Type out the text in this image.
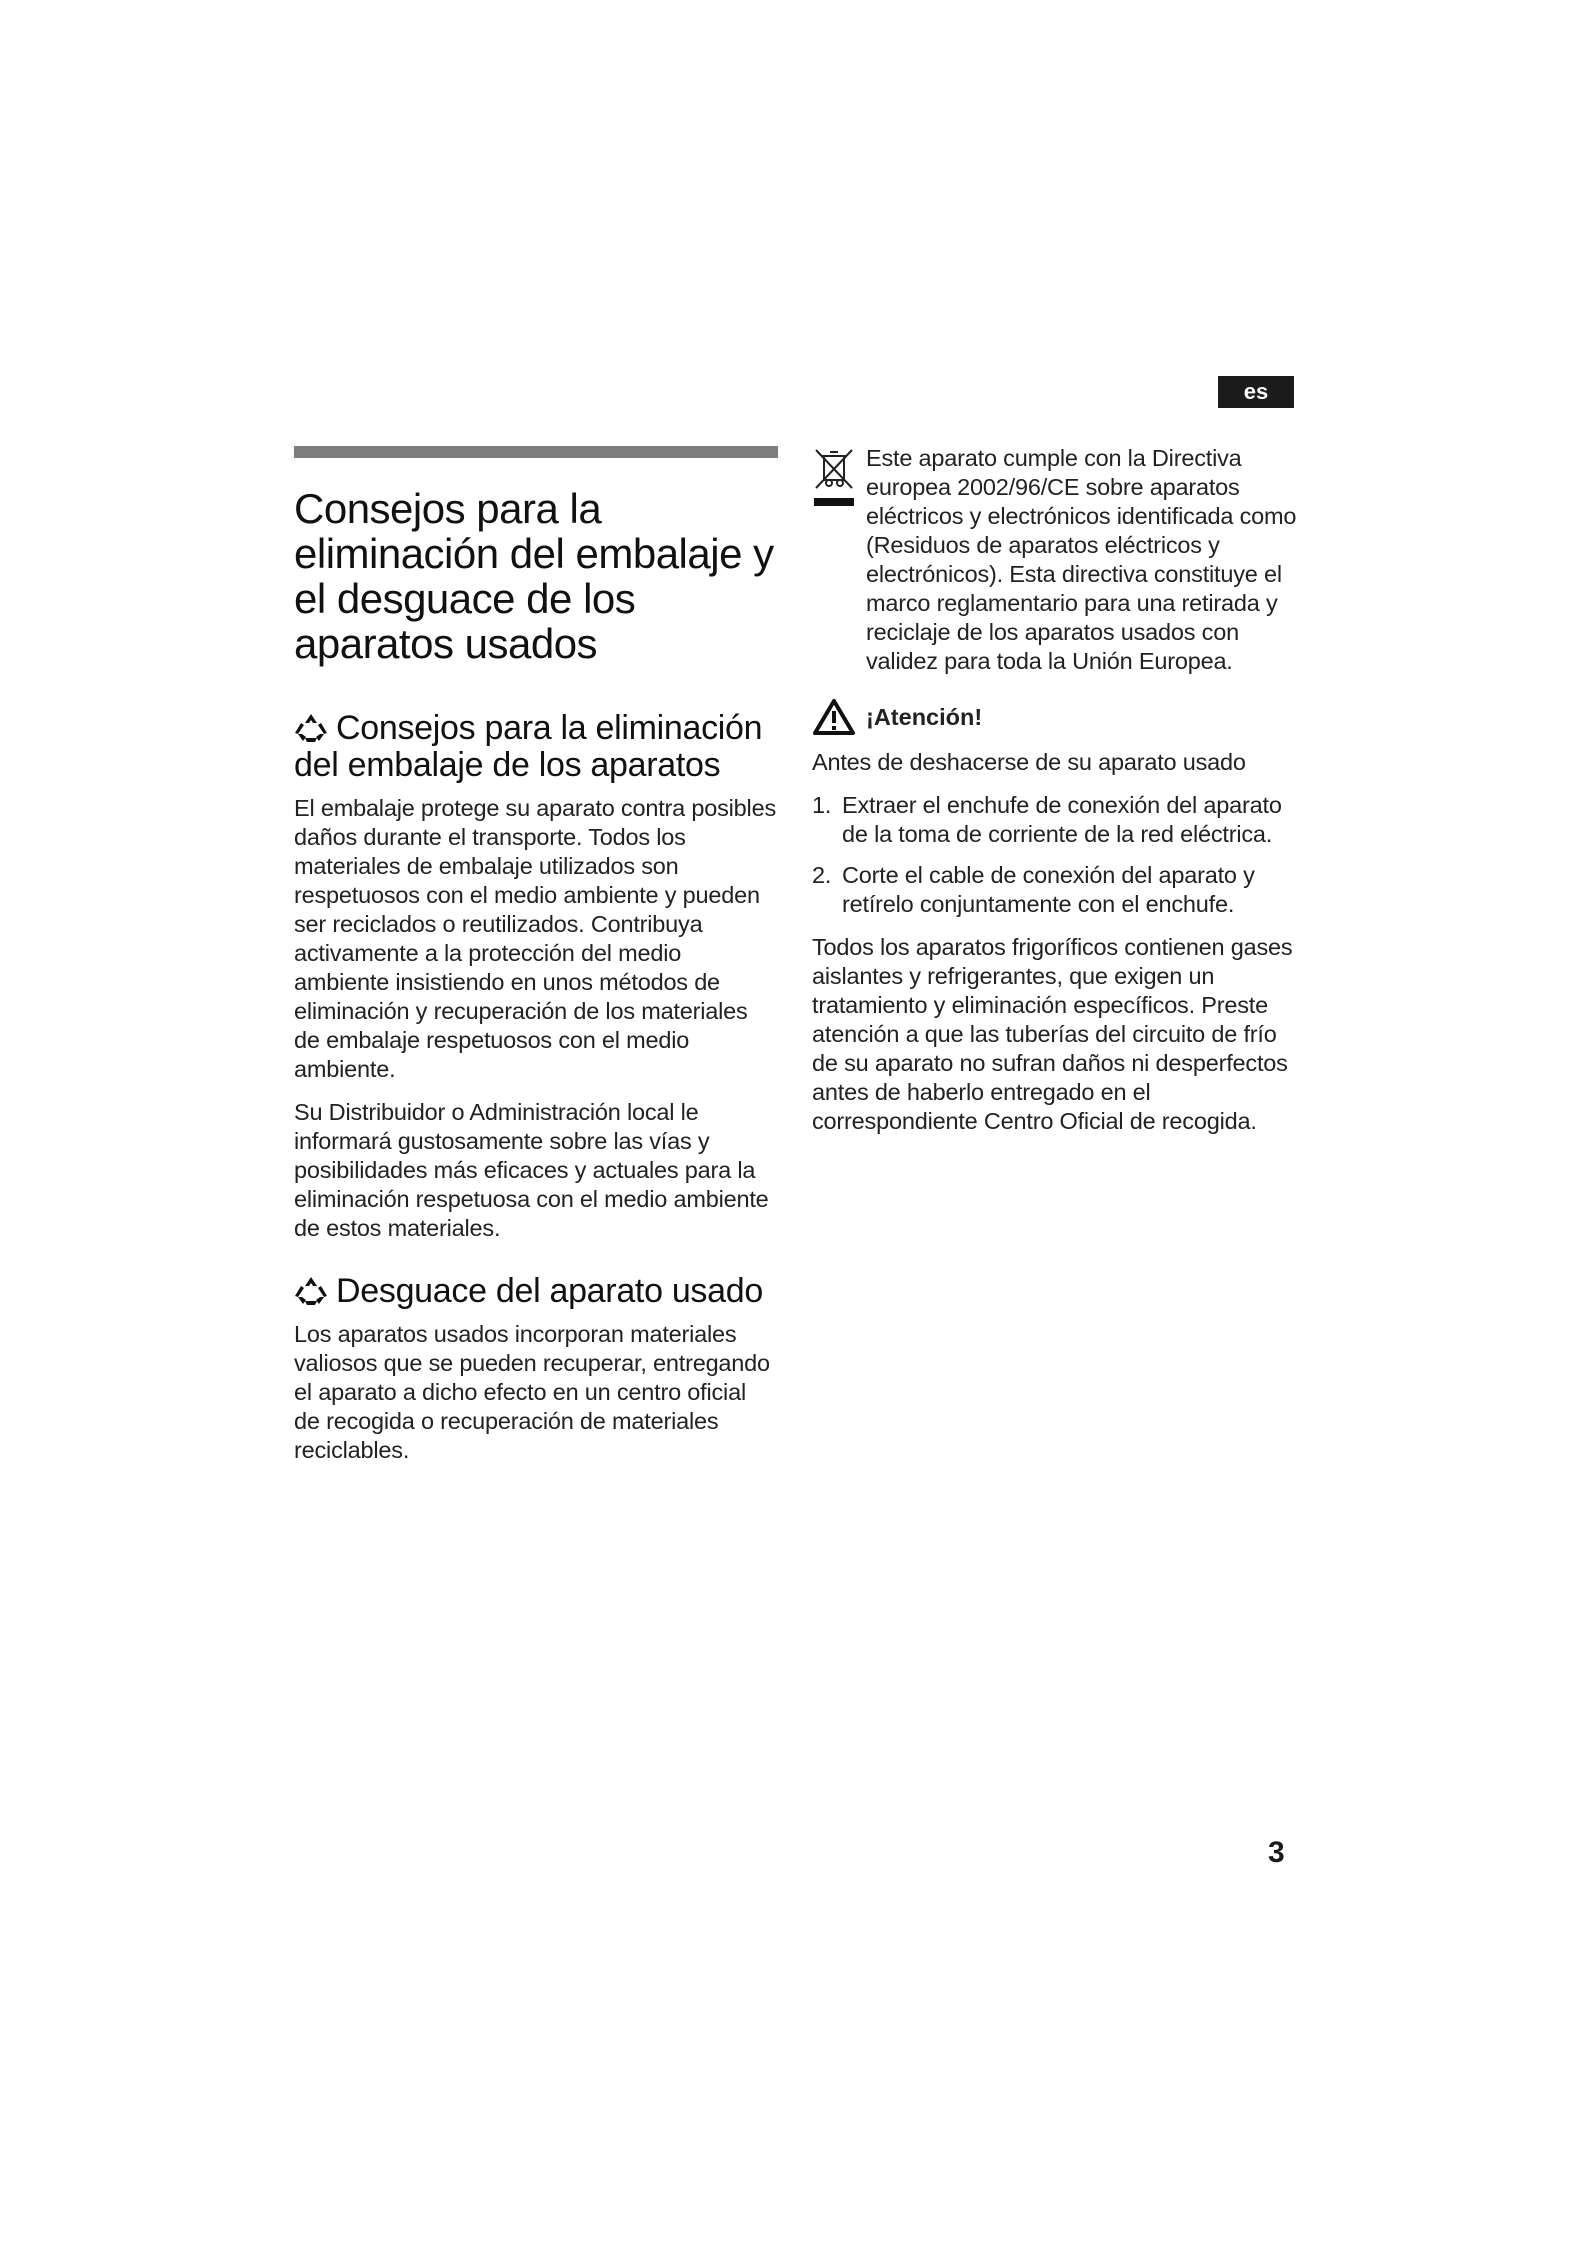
es
Consejos para la eliminación del embalaje y el desguace de los aparatos usados
Consejos para la eliminación del embalaje de los aparatos

El embalaje protege su aparato contra posibles daños durante el transporte. Todos los materiales de embalaje utilizados son respetuosos con el medio ambiente y pueden ser reciclados o reutilizados. Contribuya activamente a la protección del medio ambiente insistiendo en unos métodos de eliminación y recuperación de los materiales de embalaje respetuosos con el medio ambiente.

Su Distribuidor o Administración local le informará gustosamente sobre las vías y posibilidades más eficaces y actuales para la eliminación respetuosa con el medio ambiente de estos materiales.

Desguace del aparato usado

Los aparatos usados incorporan materiales valiosos que se pueden recuperar, entregando el aparato a dicho efecto en un centro oficial de recogida o recuperación de materiales reciclables.

Este aparato cumple con la Directiva europea 2002/96/CE sobre aparatos eléctricos y electrónicos identificada como (Residuos de aparatos eléctricos y electrónicos). Esta directiva constituye el marco reglamentario para una retirada y reciclaje de los aparatos usados con validez para toda la Unión Europea.

¡Atención!

Antes de deshacerse de su aparato usado

1. Extraer el enchufe de conexión del aparato de la toma de corriente de la red eléctrica.
2. Corte el cable de conexión del aparato y retírelo conjuntamente con el enchufe.

Todos los aparatos frigoríficos contienen gases aislantes y refrigerantes, que exigen un tratamiento y eliminación específicos. Preste atención a que las tuberías del circuito de frío de su aparato no sufran daños ni desperfectos antes de haberlo entregado en el correspondiente Centro Oficial de recogida.

3
